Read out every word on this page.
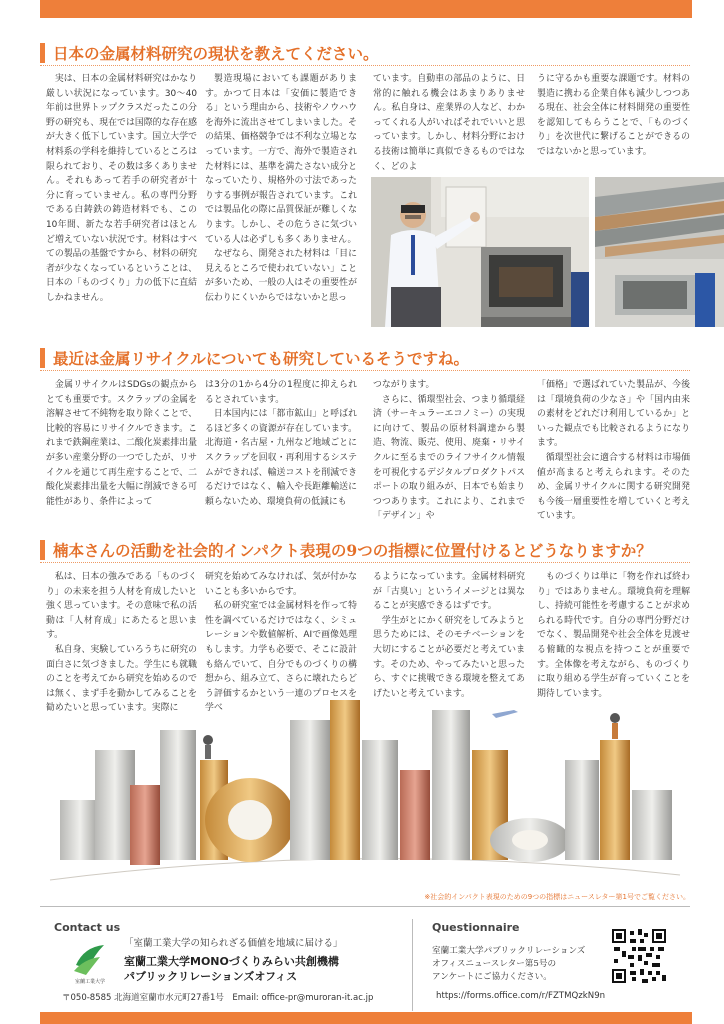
日本の金属材料研究の現状を教えてください。

実は、日本の金属材料研究はかなり厳しい状況になっています。30〜40年前は世界トップクラスだったこの分野の研究も、現在では国際的な存在感が大きく低下しています。国立大学で材料系の学科を維持しているところは限られており、その数は多くありません。それもあって若手の研究者が十分に育っていません。私の専門分野である白鋳鉄の鋳造材料でも、この10年間、新たな若手研究者はほとんど増えていない状況です。材料はすべての製品の基盤ですから、材料の研究者が少なくなっているということは、日本の「ものづくり」力の低下に直結しかねません。

製造現場においても課題があります。かつて日本は「安価に製造できる」という理由から、技術やノウハウを海外に流出させてしまいました。その結果、価格競争では不利な立場となっています。一方で、海外で製造された材料には、基準を満たさない成分となっていたり、規格外の寸法であったりする事例が報告されています。これでは製品化の際に品質保証が難しくなります。しかし、その危うさに気づいている人は必ずしも多くありません。

なぜなら、開発された材料は「目に見えるところで使われていない」ことが多いため、一般の人はその重要性が伝わりにくいからではないかと思っ

ています。自動車の部品のように、日常的に触れる機会はあまりありません。私自身は、産業界の人など、わかってくれる人がいればそれでいいと思っています。しかし、材料分野における技術は簡単に真似できるものではなく、どのよ

うに守るかも重要な課題です。材料の製造に携わる企業自体も減少しつつある現在、社会全体に材料開発の重要性を認知してもらうことで、「ものづくり」を次世代に繋げることができるのではないかと思っています。

最近は金属リサイクルについても研究しているそうですね。

金属リサイクルはSDGsの観点からとても重要です。スクラップの金属を溶解させて不純物を取り除くことで、比較的容易にリサイクルできます。これまで鉄鋼産業は、二酸化炭素排出量が多い産業分野の一つでしたが、リサイクルを通じて再生産することで、二酸化炭素排出量を大幅に削減できる可能性があり、条件によって

は3分の1から4分の1程度に抑えられるとされています。

日本国内には「都市鉱山」と呼ばれるほど多くの資源が存在しています。北海道・名古屋・九州など地域ごとにスクラップを回収・再利用するシステムができれば、輸送コストを削減できるだけではなく、輸入や長距離輸送に頼らないため、環境負荷の低減にも

つながります。

さらに、循環型社会、つまり循環経済（サーキュラーエコノミー）の実現に向けて、製品の原材料調達から製造、物流、販売、使用、廃棄・リサイクルに至るまでのライフサイクル情報を可視化するデジタルプロダクトパスポートの取り組みが、日本でも始まりつつあります。これにより、これまで「デザイン」や

「価格」で選ばれていた製品が、今後は「環境負荷の少なさ」や「国内由来の素材をどれだけ利用しているか」といった観点でも比較されるようになります。

循環型社会に適合する材料は市場価値が高まると考えられます。そのため、金属リサイクルに関する研究開発も今後一層重要性を増していくと考えています。

楠本さんの活動を社会的インパクト表現の9つの指標に位置付けるとどうなりますか？

私は、日本の強みである「ものづくり」の未来を担う人材を育成したいと強く思っています。その意味で私の活動は「人材育成」にあたると思います。

私自身、実験していろうちに研究の面白さに気づきました。学生にも就職のことを考えてから研究を始めるのでは無く、まず手を動かしてみることを勧めたいと思っています。実際に

研究を始めてみなければ、気が付かないことも多いからです。

私の研究室では金属材料を作って特性を調べているだけではなく、シミュレーションや数値解析、AIで画像処理もします。力学も必要で、そこに設計も絡んでいて、自分でものづくりの構想から、組み立て、さらに壊れたらどう評価するかという一連のプロセスを学べ

るようになっています。金属材料研究が「古臭い」というイメージとは異なることが実感できるはずです。

学生がとにかく研究をしてみようと思うためには、そのモチベーションを大切にすることが必要だと考えています。そのため、やってみたいと思ったら、すぐに挑戦できる環境を整えてあげたいと考えています。

ものづくりは単に「物を作れば終わり」ではありません。環境負荷を理解し、持続可能性を考慮することが求められる時代です。自分の専門分野だけでなく、製品開発や社会全体を見渡せる俯瞰的な視点を持つことが重要です。全体像を考えながら、ものづくりに取り組める学生が育っていくことを期待しています。

※社会的インパクト表現のための9つの指標はニュースレター第1号でご覧ください。
Contact us
室蘭工業大学
「室蘭工業大学の知られざる価値を地域に届ける」
室蘭工業大学MONOづくりみらい共創機構
パブリックリレーションズオフィス
〒050-8585 北海道室蘭市水元町27番1号　Email: office-pr@muroran-it.ac.jp
Questionnaire
室蘭工業大学パブリックリレーションズ
オフィスニュースレター第5号の
アンケートにご協力ください。
https://forms.office.com/r/FZTMQzkN9n
